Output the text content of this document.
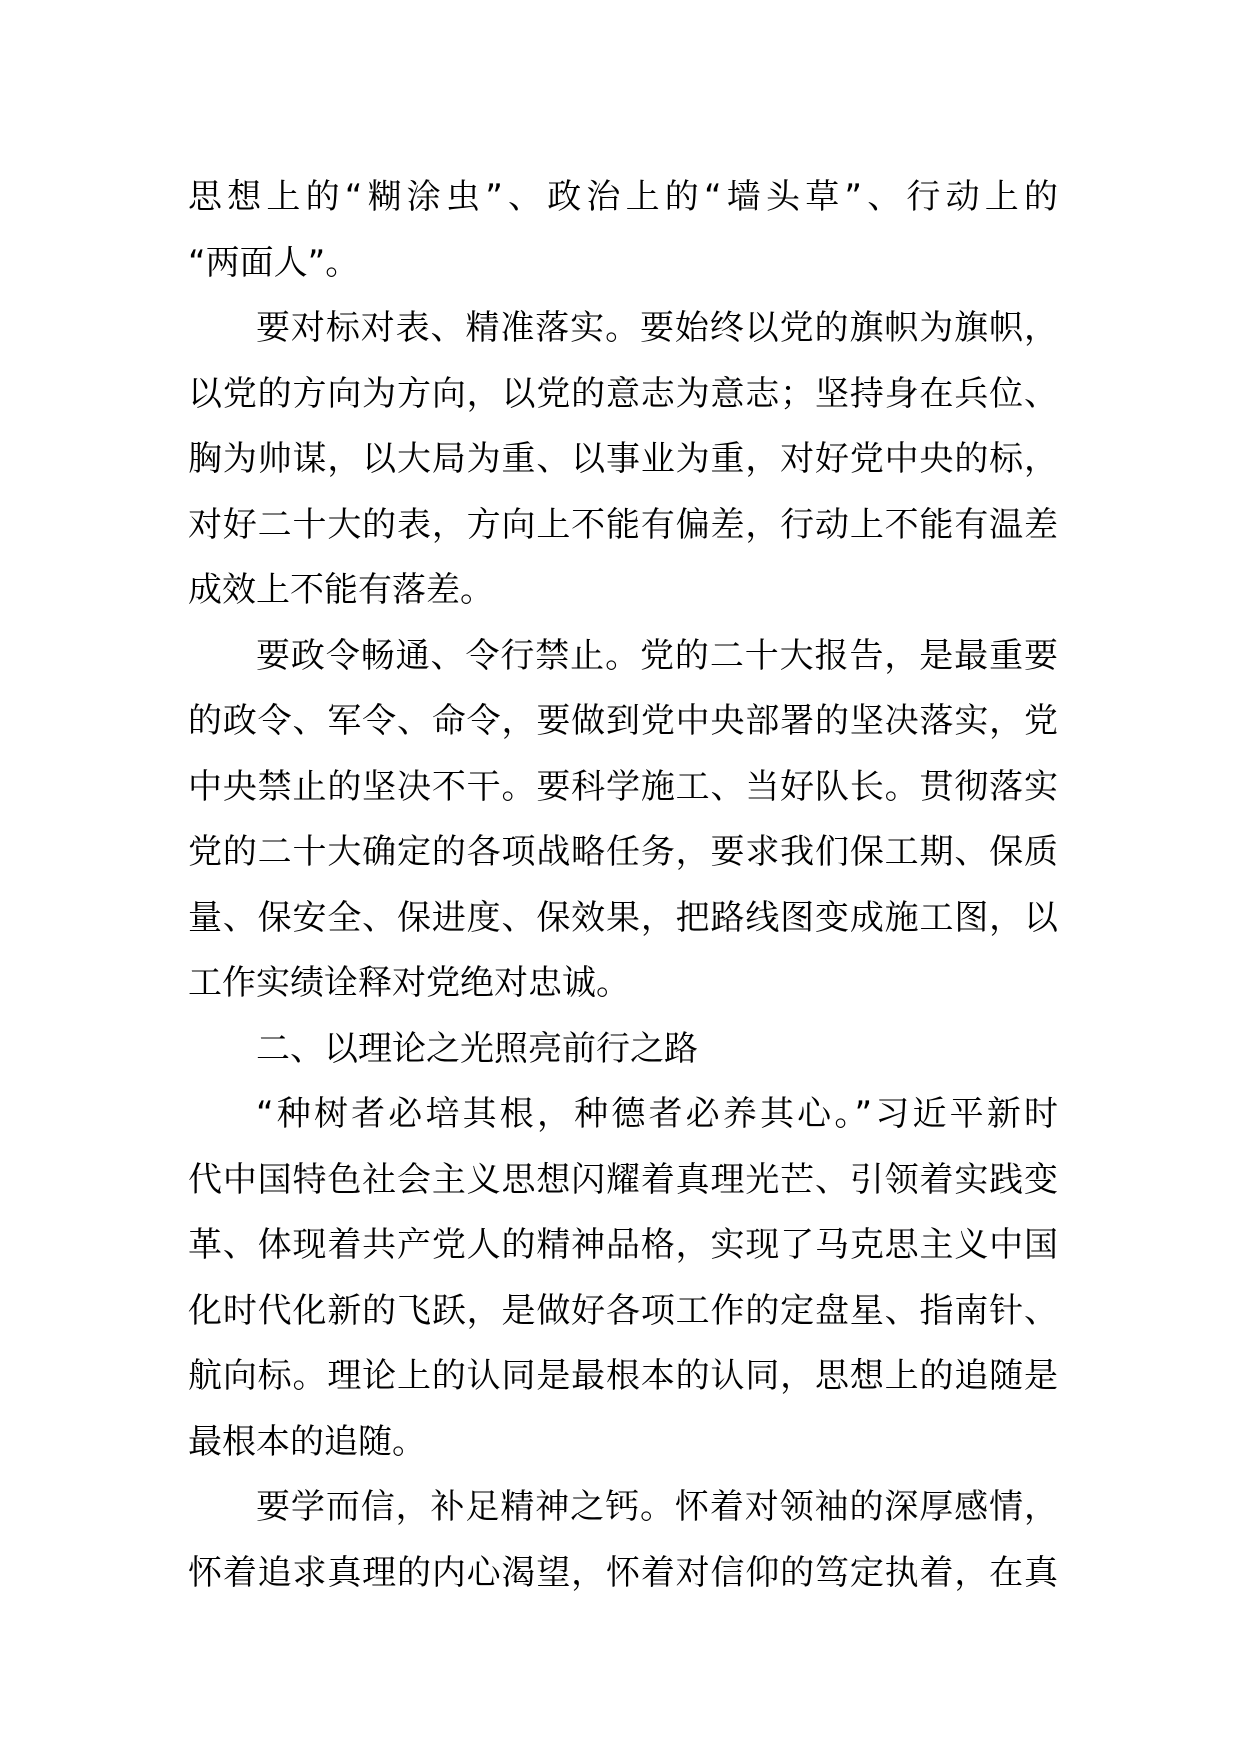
思想上的“糊涂虫”、政治上的“墙头草”、行动上的
“两面人”。
要对标对表、精准落实。要始终以党的旗帜为旗帜，
以党的方向为方向，以党的意志为意志；坚持身在兵位、
胸为帅谋，以大局为重、以事业为重，对好党中央的标，
对好二十大的表，方向上不能有偏差，行动上不能有温差
成效上不能有落差。
要政令畅通、令行禁止。党的二十大报告，是最重要
的政令、军令、命令，要做到党中央部署的坚决落实，党
中央禁止的坚决不干。要科学施工、当好队长。贯彻落实
党的二十大确定的各项战略任务，要求我们保工期、保质
量、保安全、保进度、保效果，把路线图变成施工图，以
工作实绩诠释对党绝对忠诚。
二、以理论之光照亮前行之路
“种树者必培其根，种德者必养其心。”习近平新时
代中国特色社会主义思想闪耀着真理光芒、引领着实践变
革、体现着共产党人的精神品格，实现了马克思主义中国
化时代化新的飞跃，是做好各项工作的定盘星、指南针、
航向标。理论上的认同是最根本的认同，思想上的追随是
最根本的追随。
要学而信，补足精神之钙。怀着对领袖的深厚感情，
怀着追求真理的内心渴望，怀着对信仰的笃定执着，在真
